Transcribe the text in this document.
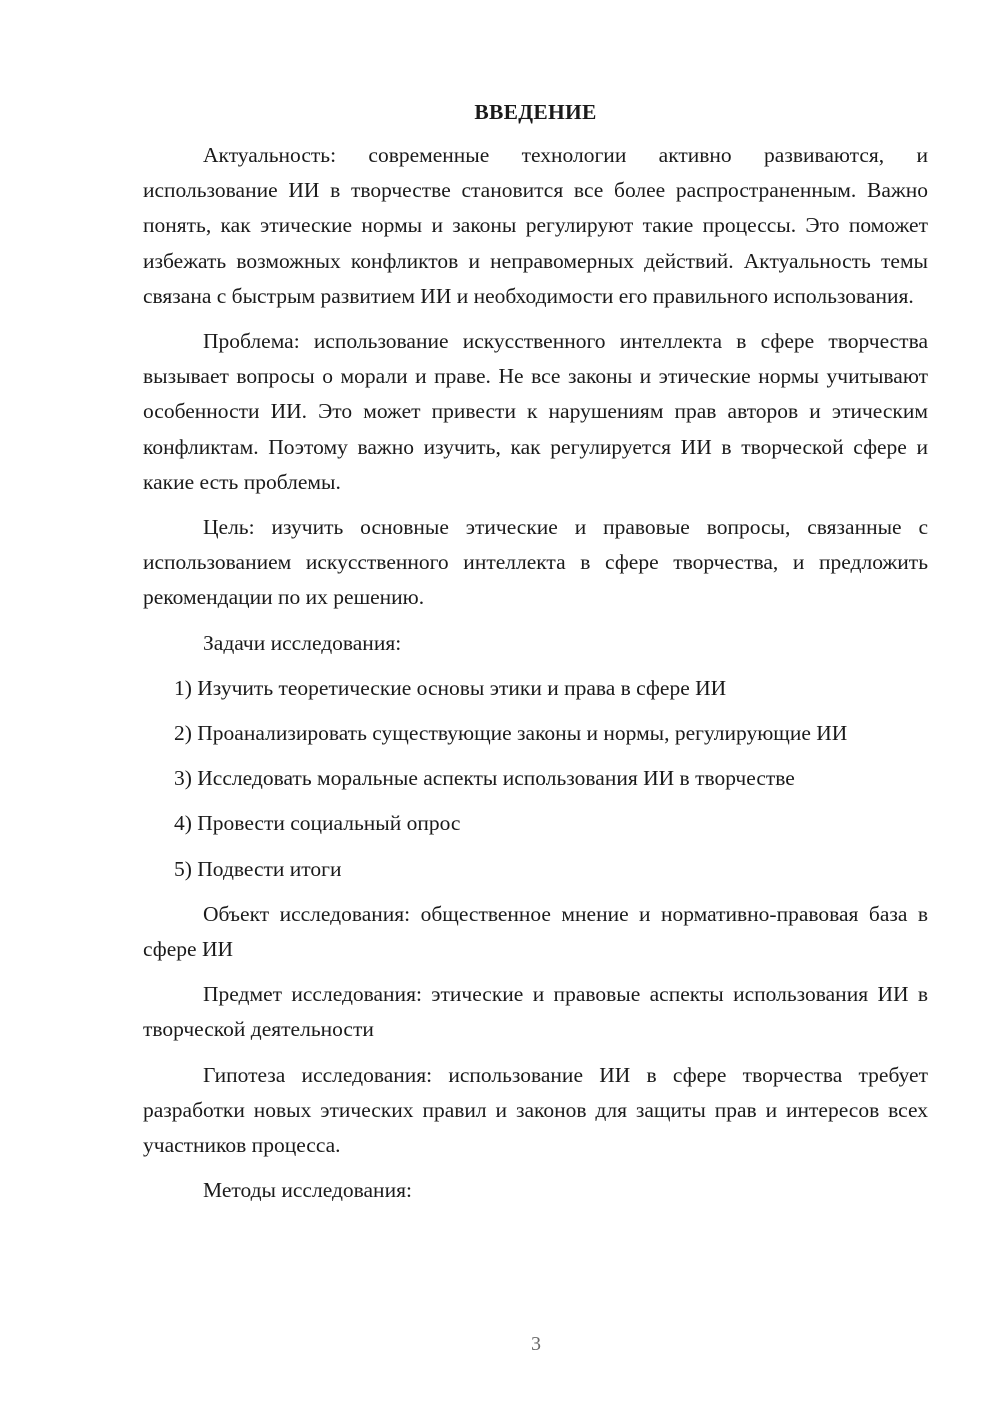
ВВЕДЕНИЕ

Актуальность: современные технологии активно развиваются, и использование ИИ в творчестве становится все более распространенным. Важно понять, как этические нормы и законы регулируют такие процессы. Это поможет избежать возможных конфликтов и неправомерных действий. Актуальность темы связана с быстрым развитием ИИ и необходимости его правильного использования.

Проблема: использование искусственного интеллекта в сфере творчества вызывает вопросы о морали и праве. Не все законы и этические нормы учитывают особенности ИИ. Это может привести к нарушениям прав авторов и этическим конфликтам. Поэтому важно изучить, как регулируется ИИ в творческой сфере и какие есть проблемы.

Цель: изучить основные этические и правовые вопросы, связанные с использованием искусственного интеллекта в сфере творчества, и предложить рекомендации по их решению.

Задачи исследования:

1) Изучить теоретические основы этики и права в сфере ИИ

2) Проанализировать существующие законы и нормы, регулирующие ИИ

3) Исследовать моральные аспекты использования ИИ в творчестве

4) Провести социальный опрос

5) Подвести итоги

Объект исследования: общественное мнение и нормативно-правовая база в сфере ИИ

Предмет исследования: этические и правовые аспекты использования ИИ в творческой деятельности

Гипотеза исследования: использование ИИ в сфере творчества требует разработки новых этических правил и законов для защиты прав и интересов всех участников процесса.

Методы исследования:

3
